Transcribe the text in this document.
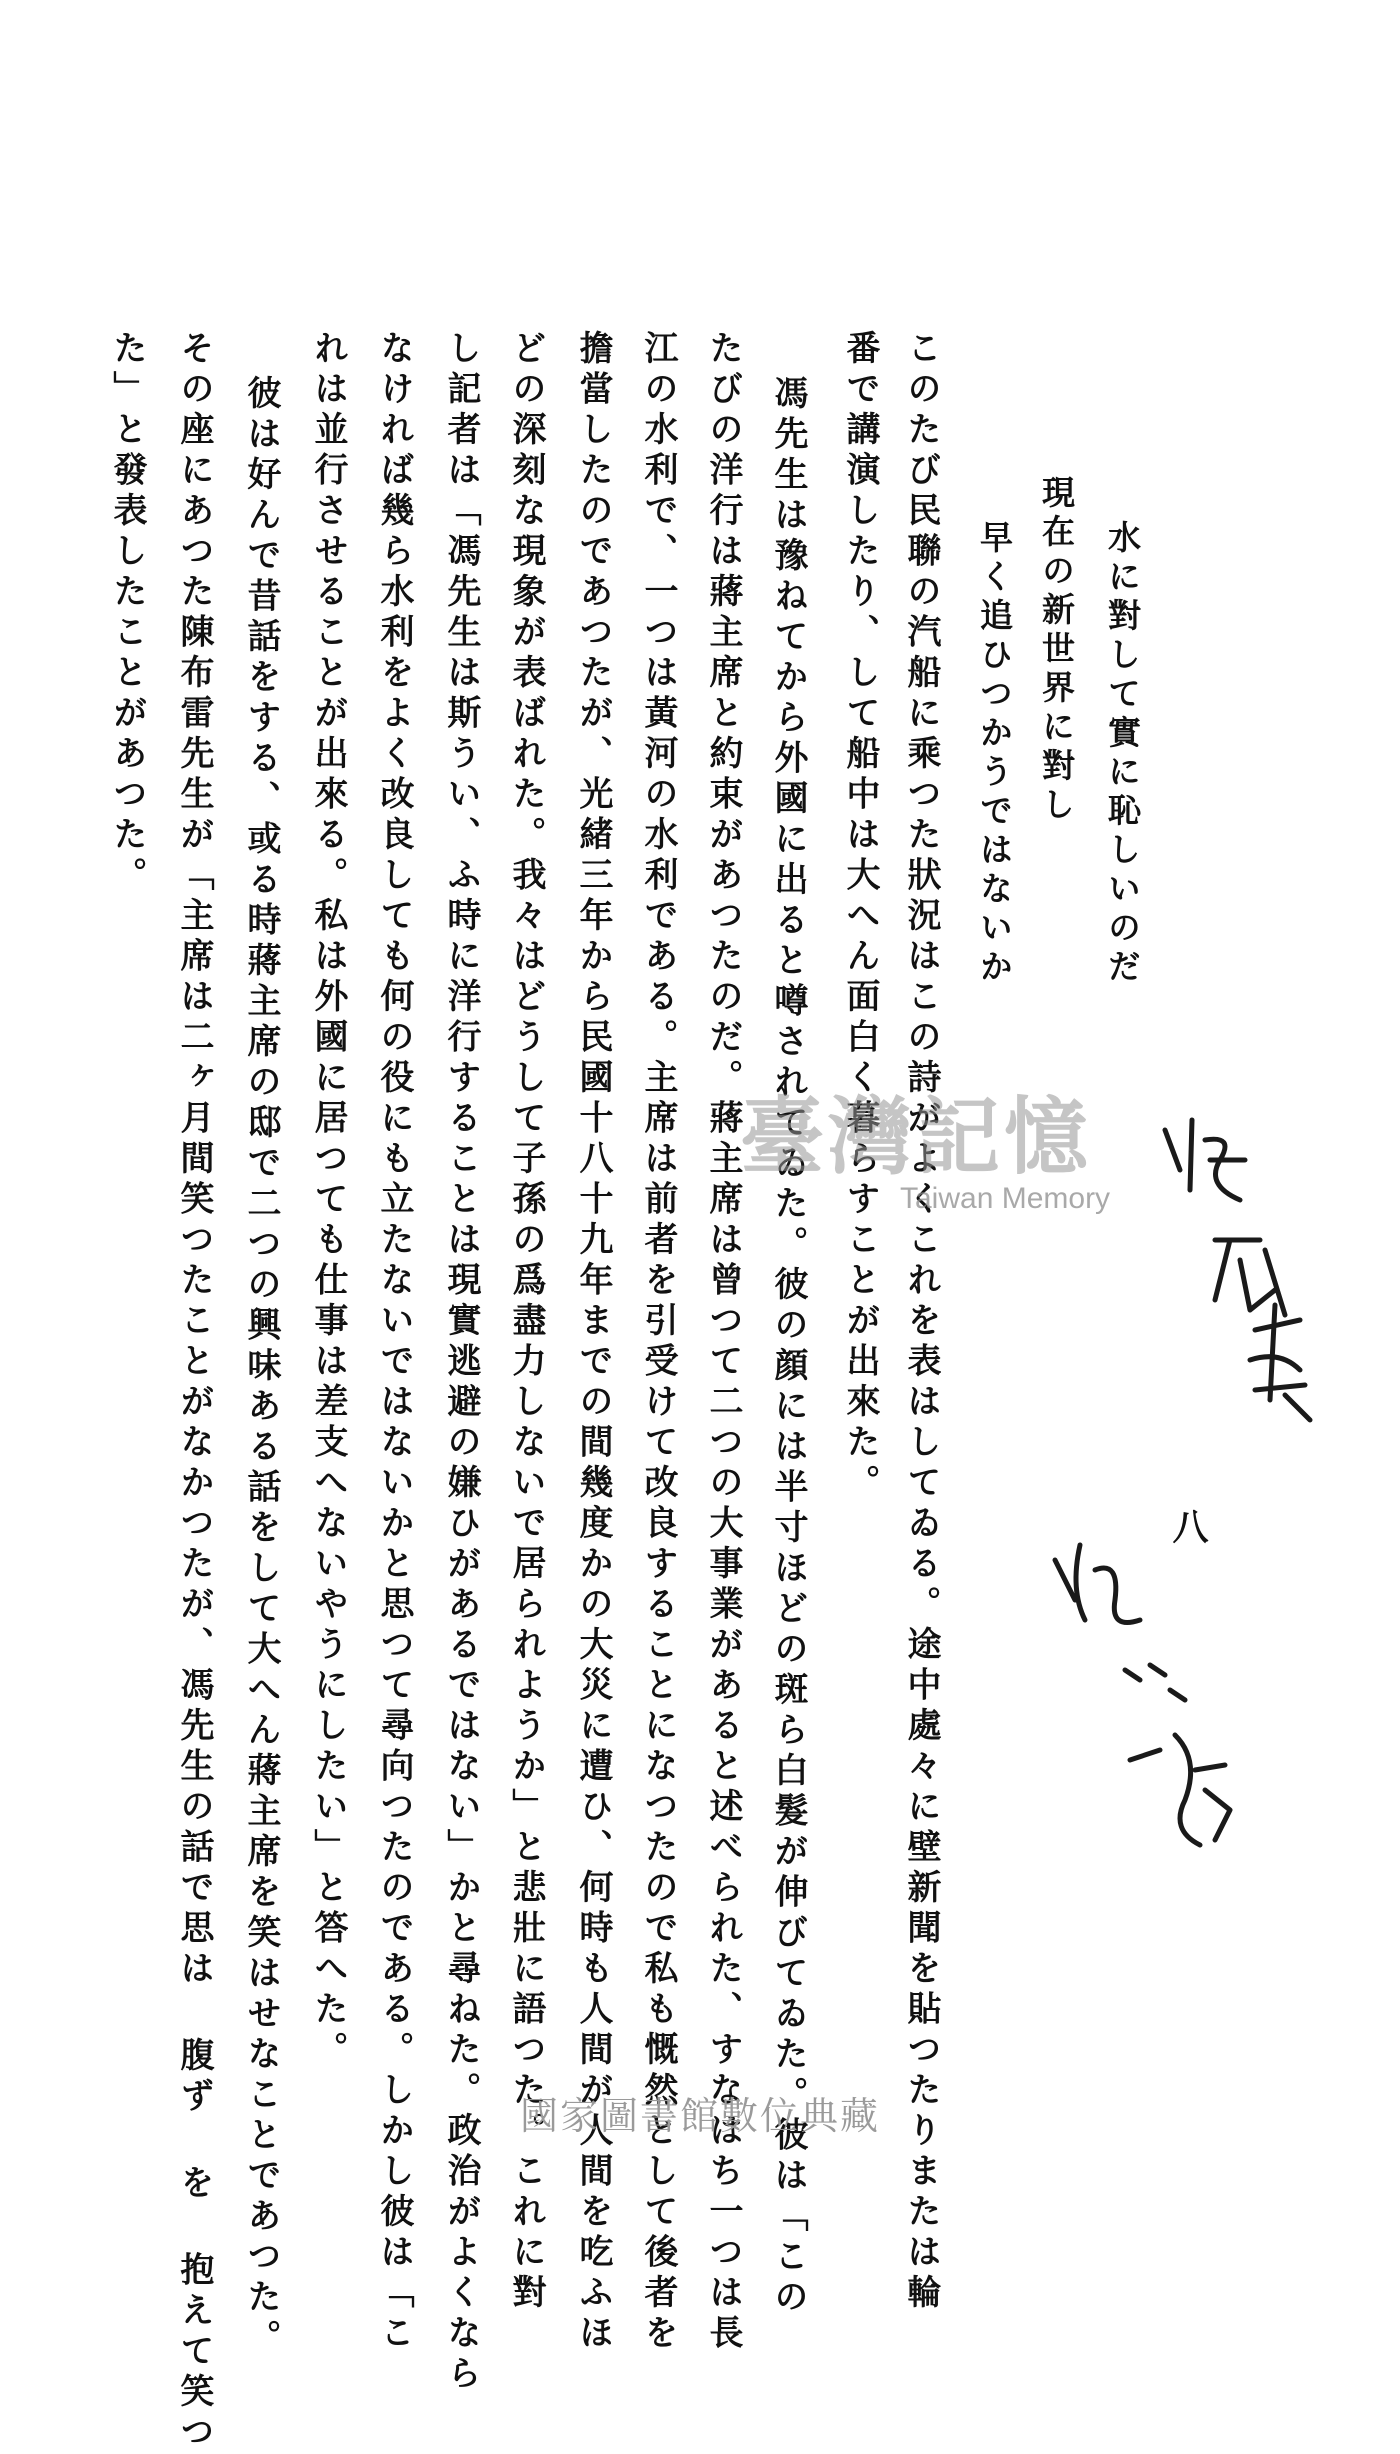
水に對して實に恥しいのだ
現在の新世界に對し
早く追ひつかうではないか
このたび民聯の汽船に乘つた狀況はこの詩がよくこれを表はしてゐる。途中處々に壁新聞を貼つたりまたは輪
番で講演したり、して船中は大へん面白く暮らすことが出來た。
馮先生は豫ねてから外國に出ると噂されてゐた。彼の顔には半寸ほどの斑ら白髮が伸びてゐた。彼は「この
たびの洋行は蔣主席と約束があつたのだ。蔣主席は曾つて二つの大事業があると述べられた、すなはち一つは長
江の水利で、一つは黃河の水利である。主席は前者を引受けて改良することになつたので私も慨然として後者を
擔當したのであつたが、光緒三年から民國十八十九年までの間幾度かの大災に遭ひ、何時も人間が人間を吃ふほ
どの深刻な現象が表ばれた。我々はどうして子孫の爲盡力しないで居られようか」と悲壯に語つた。これに對
し記者は「馮先生は斯うい、ふ時に洋行することは現實逃避の嫌ひがあるではない」かと尋ねた。政治がよくなら
なければ幾ら水利をよく改良しても何の役にも立たないではないかと思つて尋向つたのである。しかし彼は「こ
れは並行させることが出來る。私は外國に居つても仕事は差支へないやうにしたい」と答へた。
彼は好んで昔話をする、或る時蔣主席の邸で二つの興味ある話をして大へん蔣主席を笑はせなことであつた。
その座にあつた陳布雷先生が「主席は二ヶ月間笑つたことがなかつたが、馮先生の話で思は 腹ず を 抱えて笑つ
た」と發表したことがあつた。
八
臺灣記憶
Taiwan Memory
國家圖書館數位典藏
